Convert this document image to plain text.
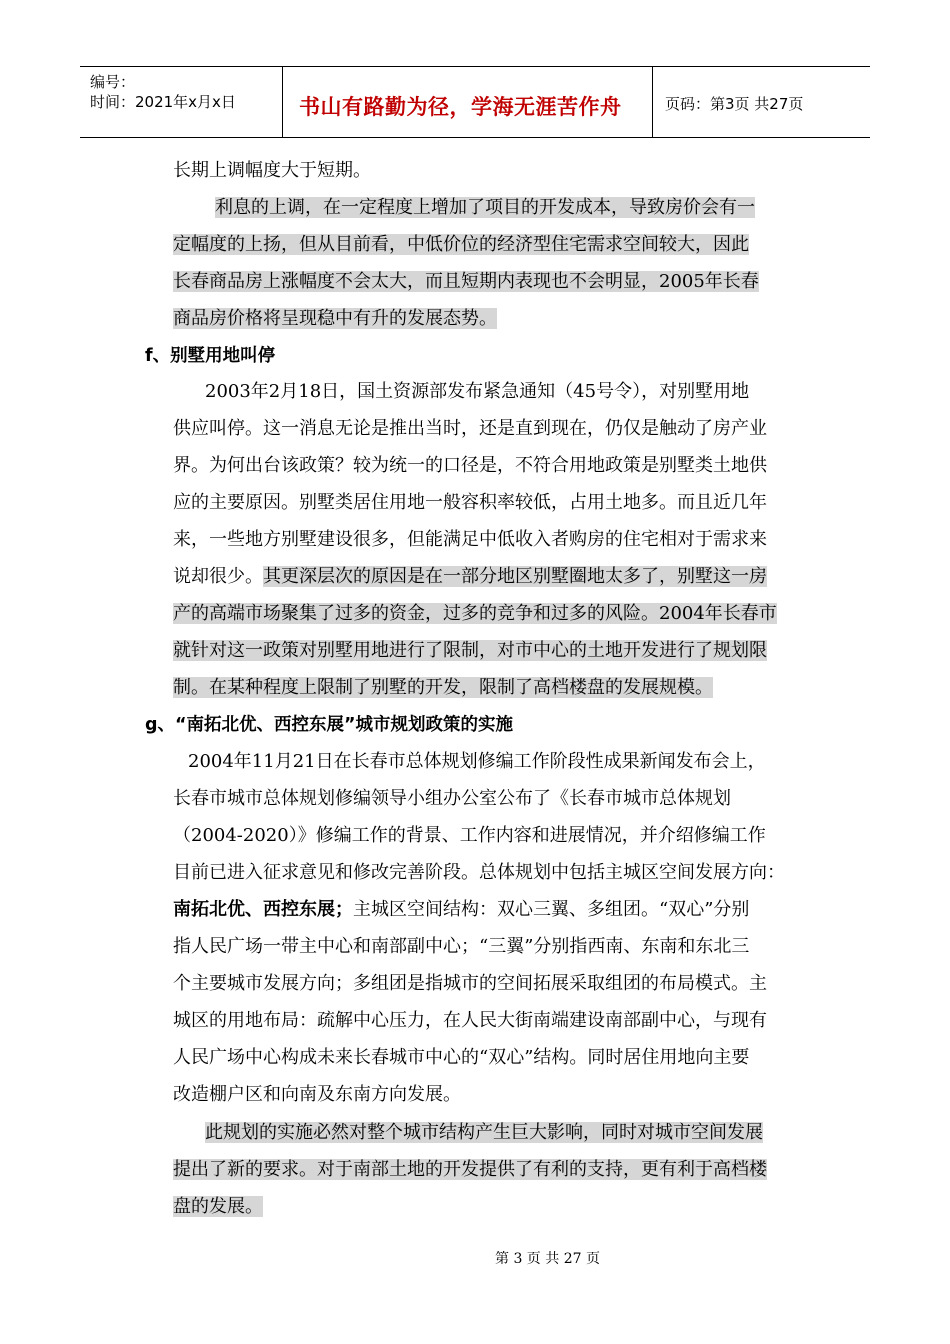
编号：
时间：2021年x月x日	书山有路勤为径，学海无涯苦作舟	页码：第3页 共27页
长期上调幅度大于短期。
利息的上调，在一定程度上增加了项目的开发成本，导致房价会有一
定幅度的上扬，但从目前看，中低价位的经济型住宅需求空间较大，因此
长春商品房上涨幅度不会太大，而且短期内表现也不会明显，2005年长春
商品房价格将呈现稳中有升的发展态势。
f、别墅用地叫停
2003年2月18日，国土资源部发布紧急通知（45号令），对别墅用地
供应叫停。这一消息无论是推出当时，还是直到现在，仍仅是触动了房产业
界。为何出台该政策？较为统一的口径是，不符合用地政策是别墅类土地供
应的主要原因。别墅类居住用地一般容积率较低，占用土地多。而且近几年
来，一些地方别墅建设很多，但能满足中低收入者购房的住宅相对于需求来
说却很少。其更深层次的原因是在一部分地区别墅圈地太多了，别墅这一房
产的高端市场聚集了过多的资金，过多的竞争和过多的风险。2004年长春市
就针对这一政策对别墅用地进行了限制，对市中心的土地开发进行了规划限
制。在某种程度上限制了别墅的开发，限制了高档楼盘的发展规模。
g、“南拓北优、西控东展”城市规划政策的实施
2004年11月21日在长春市总体规划修编工作阶段性成果新闻发布会上，
长春市城市总体规划修编领导小组办公室公布了《长春市城市总体规划
（2004-2020）》修编工作的背景、工作内容和进展情况，并介绍修编工作
目前已进入征求意见和修改完善阶段。总体规划中包括主城区空间发展方向：
南拓北优、西控东展；主城区空间结构：双心三翼、多组团。“双心”分别
指人民广场一带主中心和南部副中心；“三翼”分别指西南、东南和东北三
个主要城市发展方向；多组团是指城市的空间拓展采取组团的布局模式。主
城区的用地布局：疏解中心压力，在人民大街南端建设南部副中心，与现有
人民广场中心构成未来长春城市中心的“双心”结构。同时居住用地向主要
改造棚户区和向南及东南方向发展。
此规划的实施必然对整个城市结构产生巨大影响，同时对城市空间发展
提出了新的要求。对于南部土地的开发提供了有利的支持，更有利于高档楼
盘的发展。
第 3 页 共 27 页
